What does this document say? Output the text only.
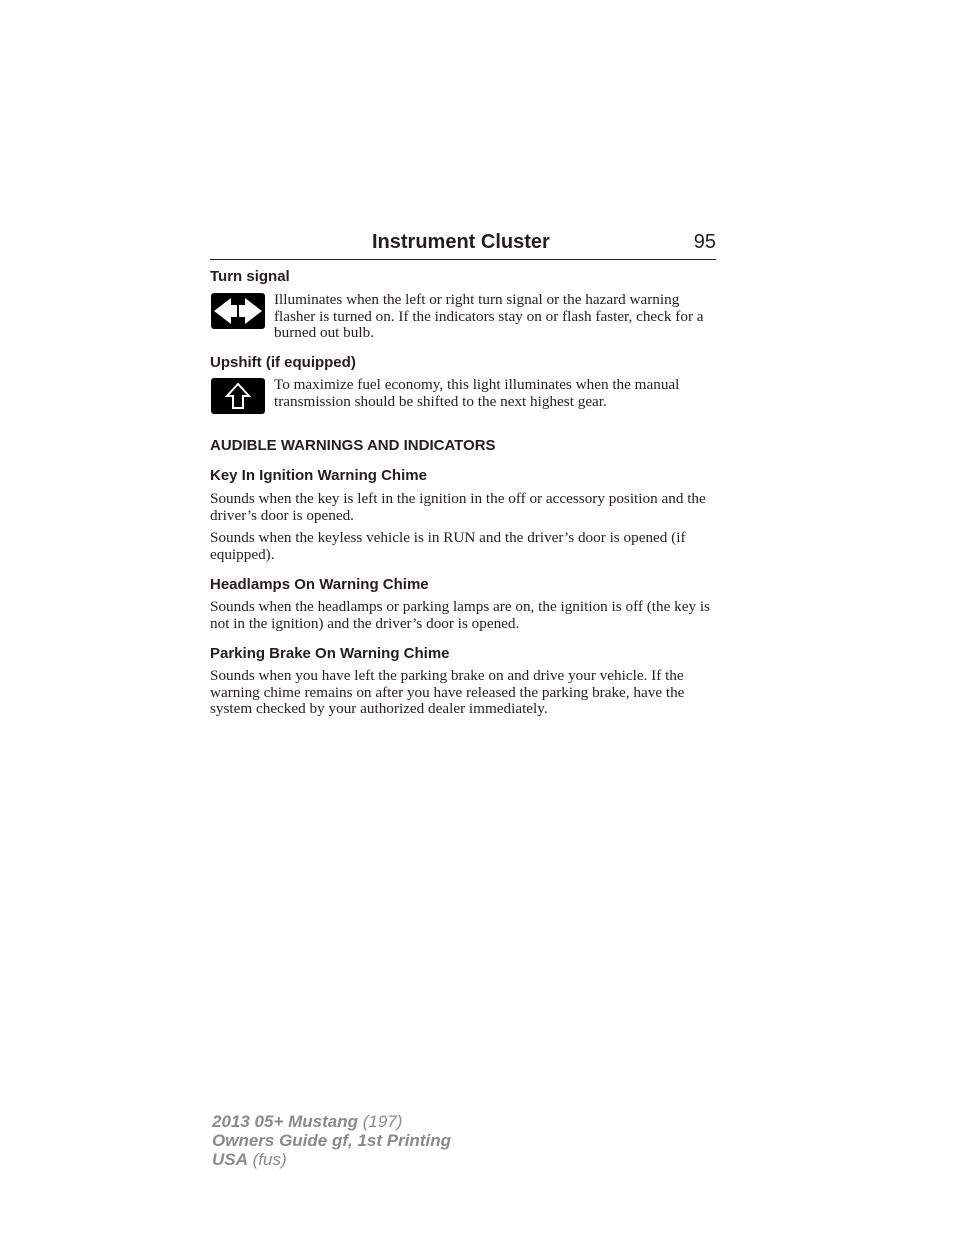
Instrument Cluster	95
Turn signal

Illuminates when the left or right turn signal or the hazard warning flasher is turned on. If the indicators stay on or flash faster, check for a burned out bulb.

Upshift (if equipped)

To maximize fuel economy, this light illuminates when the manual transmission should be shifted to the next highest gear.

AUDIBLE WARNINGS AND INDICATORS
Key In Ignition Warning Chime

Sounds when the key is left in the ignition in the off or accessory position and the driver’s door is opened.

Sounds when the keyless vehicle is in RUN and the driver’s door is opened (if equipped).

Headlamps On Warning Chime

Sounds when the headlamps or parking lamps are on, the ignition is off (the key is not in the ignition) and the driver’s door is opened.

Parking Brake On Warning Chime

Sounds when you have left the parking brake on and drive your vehicle. If the warning chime remains on after you have released the parking brake, have the system checked by your authorized dealer immediately.

2013 05+ Mustang (197)
Owners Guide gf, 1st Printing
USA (fus)
